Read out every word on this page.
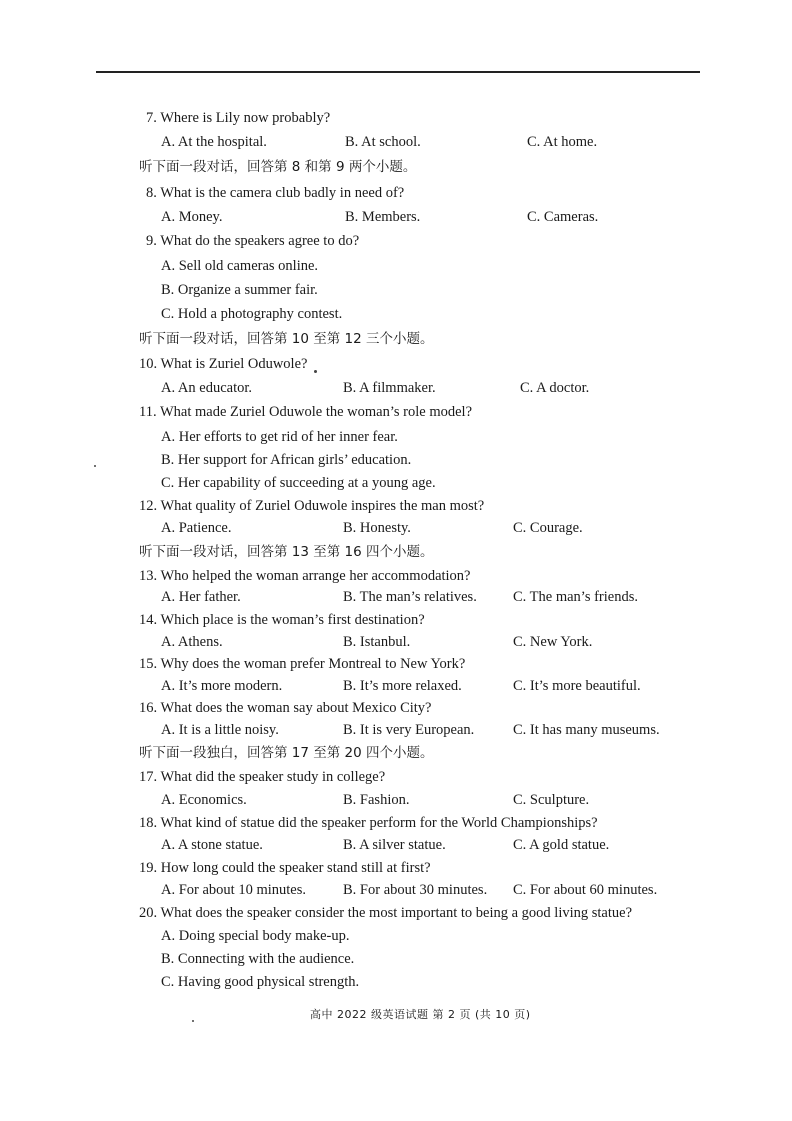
7. Where is Lily now probably?
A. At the hospital.	B. At school.	C. At home.
听下面一段对话，回答第 8 和第 9 两个小题。
8. What is the camera club badly in need of?
A. Money.	B. Members.	C. Cameras.
9. What do the speakers agree to do?
A. Sell old cameras online.
B. Organize a summer fair.
C. Hold a photography contest.
听下面一段对话，回答第 10 至第 12 三个小题。
10. What is Zuriel Oduwole?
A. An educator.	B. A filmmaker.	C. A doctor.
11. What made Zuriel Oduwole the woman’s role model?
A. Her efforts to get rid of her inner fear.
B. Her support for African girls’ education.
C. Her capability of succeeding at a young age.
12. What quality of Zuriel Oduwole inspires the man most?
A. Patience.	B. Honesty.	C. Courage.
听下面一段对话，回答第 13 至第 16 四个小题。
13. Who helped the woman arrange her accommodation?
A. Her father.	B. The man’s relatives. C. The man’s friends.
14. Which place is the woman’s first destination?
A. Athens.	B. Istanbul.	C. New York.
15. Why does the woman prefer Montreal to New York?
A. It’s more modern.	B. It’s more relaxed.	C. It’s more beautiful.
16. What does the woman say about Mexico City?
A. It is a little noisy.	B. It is very European.	C. It has many museums.
听下面一段独白，回答第 17 至第 20 四个小题。
17. What did the speaker study in college?
A. Economics.	B. Fashion.	C. Sculpture.
18. What kind of statue did the speaker perform for the World Championships?
A. A stone statue.	B. A silver statue.	C. A gold statue.
19. How long could the speaker stand still at first?
A. For about 10 minutes.	B. For about 30 minutes. C. For about 60 minutes.
20. What does the speaker consider the most important to being a good living statue?
A. Doing special body make-up.
B. Connecting with the audience.
C. Having good physical strength.
高中 2022 级英语试题 第 2 页 (共 10 页)
